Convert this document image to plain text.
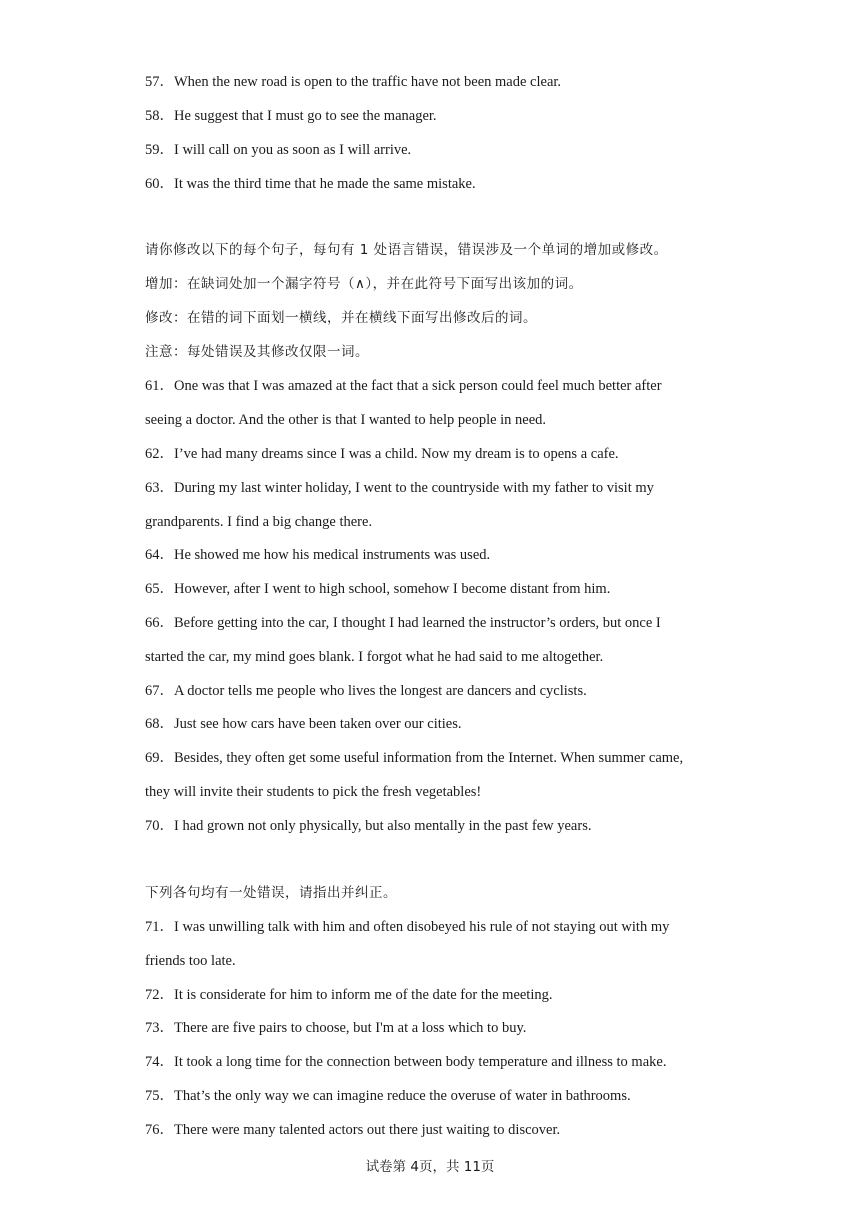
57．When the new road is open to the traffic have not been made clear.
58．He suggest that I must go to see the manager.
59．I will call on you as soon as I will arrive.
60．It was the third time that he made the same mistake.
请你修改以下的每个句子，每句有 1 处语言错误，错误涉及一个单词的增加或修改。
增加：在缺词处加一个漏字符号（∧），并在此符号下面写出该加的词。
修改：在错的词下面划一横线，并在横线下面写出修改后的词。
注意：每处错误及其修改仅限一词。
61．One was that I was amazed at the fact that a sick person could feel much better after
seeing a doctor. And the other is that I wanted to help people in need.
62．I’ve had many dreams since I was a child. Now my dream is to opens a cafe.
63．During my last winter holiday, I went to the countryside with my father to visit my
grandparents. I find a big change there.
64．He showed me how his medical instruments was used.
65．However, after I went to high school, somehow I become distant from him.
66．Before getting into the car, I thought I had learned the instructor’s orders, but once I
started the car, my mind goes blank. I forgot what he had said to me altogether.
67．A doctor tells me people who lives the longest are dancers and cyclists.
68．Just see how cars have been taken over our cities.
69．Besides, they often get some useful information from the Internet. When summer came,
they will invite their students to pick the fresh vegetables!
70．I had grown not only physically, but also mentally in the past few years.
下列各句均有一处错误，请指出并纠正。
71．I was unwilling talk with him and often disobeyed his rule of not staying out with my
friends too late.
72．It is considerate for him to inform me of the date for the meeting.
73．There are five pairs to choose, but I'm at a loss which to buy.
74．It took a long time for the connection between body temperature and illness to make.
75．That’s the only way we can imagine reduce the overuse of water in bathrooms.
76．There were many talented actors out there just waiting to discover.
试卷第 4页，共 11页
